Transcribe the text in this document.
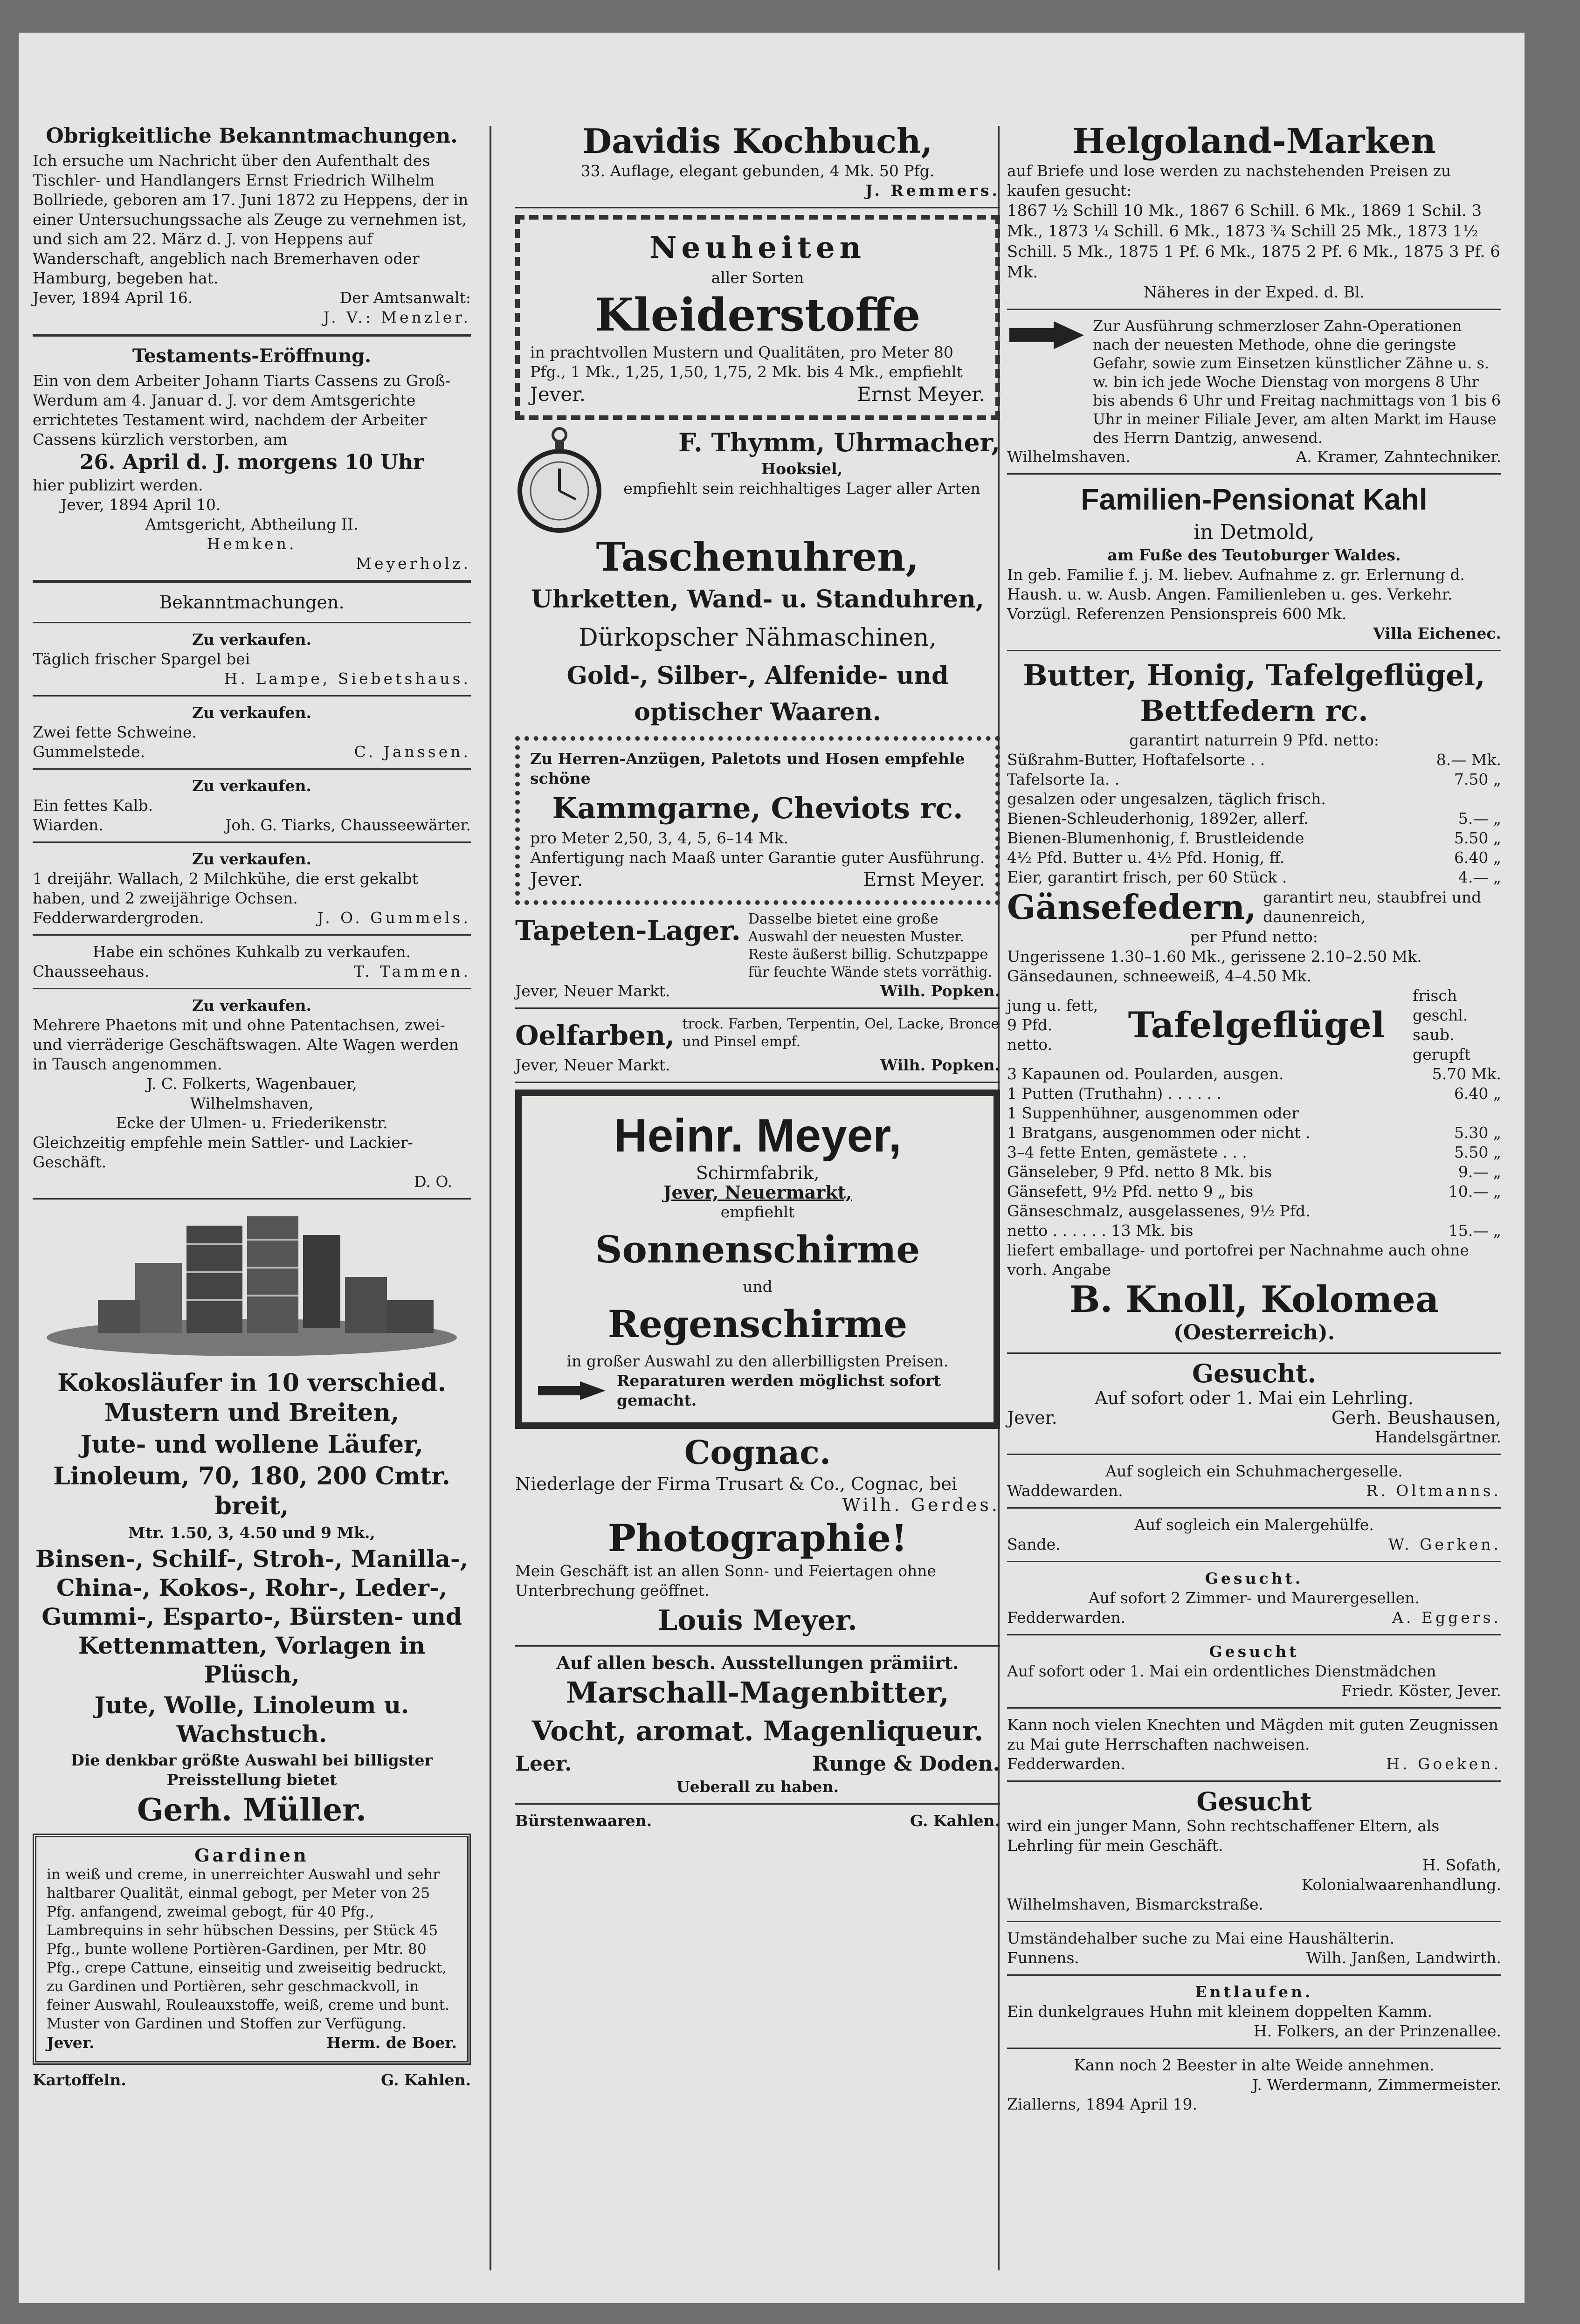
Obrigkeitliche Bekanntmachungen.

Ich ersuche um Nachricht über den Aufenthalt des Tischler- und Handlangers Ernst Friedrich Wilhelm Bollriede, geboren am 17. Juni 1872 zu Heppens, der in einer Untersuchungssache als Zeuge zu vernehmen ist, und sich am 22. März d. J. von Heppens auf Wanderschaft, angeblich nach Bremerhaven oder Hamburg, begeben hat.

Jever, 1894 April 16.	Der Amtsanwalt:
J. V.: Menzler.
Testaments-Eröffnung.

Ein von dem Arbeiter Johann Tiarts Cassens zu Groß-Werdum am 4. Januar d. J. vor dem Amtsgerichte errichtetes Testament wird, nachdem der Arbeiter Cassens kürzlich verstorben, am

26. April d. J. morgens 10 Uhr

hier publizirt werden.

Jever, 1894 April 10.

Amtsgericht, Abtheilung II.

Hemken.

Meyerholz.
Bekanntmachungen.

Zu verkaufen.

Täglich frischer Spargel bei

H. Lampe, Siebetshaus.

Zu verkaufen.

Zwei fette Schweine.

Gummelstede.	C. Janssen.

Zu verkaufen.

Ein fettes Kalb.

Wiarden.	Joh. G. Tiarks, Chausseewärter.

Zu verkaufen.

1 dreijähr. Wallach, 2 Milchkühe, die erst gekalbt haben, und 2 zweijährige Ochsen.

Fedderwardergroden.	J. O. Gummels.

Habe ein schönes Kuhkalb zu verkaufen.

Chausseehaus.	T. Tammen.

Zu verkaufen.

Mehrere Phaetons mit und ohne Patentachsen, zwei- und vierräderige Geschäftswagen. Alte Wagen werden in Tausch angenommen.

J. C. Folkerts, Wagenbauer,

Wilhelmshaven,

Ecke der Ulmen- u. Friederikenstr.

Gleichzeitig empfehle mein Sattler- und Lackier-Geschäft.

D. O.
Kokosläufer in 10 verschied. Mustern und Breiten,
Jute- und wollene Läufer,
Linoleum, 70, 180, 200 Cmtr. breit,

Mtr. 1.50, 3, 4.50 und 9 Mk.,

Binsen-, Schilf-, Stroh-, Manilla-, China-, Kokos-, Rohr-, Leder-, Gummi-, Esparto-, Bürsten- und Kettenmatten, Vorlagen in Plüsch,
Jute, Wolle, Linoleum u. Wachstuch.

Die denkbar größte Auswahl bei billigster Preisstellung bietet

Gerh. Müller.

Gardinen

in weiß und creme, in unerreichter Auswahl und sehr haltbarer Qualität, einmal gebogt, per Meter von 25 Pfg. anfangend, zweimal gebogt, für 40 Pfg., Lambrequins in sehr hübschen Dessins, per Stück 45 Pfg., bunte wollene Portièren-Gardinen, per Mtr. 80 Pfg., crepe Cattune, einseitig und zweiseitig bedruckt, zu Gardinen und Portièren, sehr geschmackvoll, in feiner Auswahl, Rouleauxstoffe, weiß, creme und bunt. Muster von Gardinen und Stoffen zur Verfügung.

Jever.	Herm. de Boer.
Kartoffeln.	G. Kahlen.
Davidis Kochbuch,

33. Auflage, elegant gebunden, 4 Mk. 50 Pfg.

J. Remmers.
Neuheiten

aller Sorten

Kleiderstoffe

in prachtvollen Mustern und Qualitäten, pro Meter 80 Pfg., 1 Mk., 1,25, 1,50, 1,75, 2 Mk. bis 4 Mk., empfiehlt

Jever.	Ernst Meyer.
F. Thymm, Uhrmacher,

Hooksiel,

empfiehlt sein reichhaltiges Lager aller Arten

Taschenuhren,
Uhrketten, Wand- u. Standuhren,
Dürkopscher Nähmaschinen,
Gold-, Silber-, Alfenide- und optischer Waaren.

Zu Herren-Anzügen, Paletots und Hosen empfehle schöne

Kammgarne, Cheviots rc.

pro Meter 2,50, 3, 4, 5, 6–14 Mk.

Anfertigung nach Maaß unter Garantie guter Ausführung.

Jever.	Ernst Meyer.
Tapeten-Lager. Dasselbe bietet eine große Auswahl der neuesten Muster. Reste äußerst billig. Schutzpappe für feuchte Wände stets vorräthig.

Jever, Neuer Markt.	Wilh. Popken.
Oelfarben, trock. Farben, Terpentin, Oel, Lacke, Bronce und Pinsel empf.

Jever, Neuer Markt.	Wilh. Popken.
Heinr. Meyer,

Schirmfabrik,

Jever, Neuermarkt,

empfiehlt

Sonnenschirme

und

Regenschirme

in großer Auswahl zu den allerbilligsten Preisen.

Reparaturen werden möglichst sofort gemacht.

Cognac.

Niederlage der Firma Trusart & Co., Cognac, bei

Wilh. Gerdes.
Photographie!

Mein Geschäft ist an allen Sonn- und Feiertagen ohne Unterbrechung geöffnet.

Louis Meyer.

Auf allen besch. Ausstellungen prämiirt.

Marschall-Magenbitter,
Vocht, aromat. Magenliqueur.
Leer.	Runge & Doden.

Ueberall zu haben.

Bürstenwaaren.	G. Kahlen.
Helgoland-Marken

auf Briefe und lose werden zu nachstehenden Preisen zu kaufen gesucht:

1867 ½ Schill 10 Mk., 1867 6 Schill. 6 Mk., 1869 1 Schil. 3 Mk., 1873 ¼ Schill. 6 Mk., 1873 ¾ Schill 25 Mk., 1873 1½ Schill. 5 Mk., 1875 1 Pf. 6 Mk., 1875 2 Pf. 6 Mk., 1875 3 Pf. 6 Mk.

Näheres in der Exped. d. Bl.

Zur Ausführung schmerzloser Zahn-Operationen nach der neuesten Methode, ohne die geringste Gefahr, sowie zum Einsetzen künstlicher Zähne u. s. w. bin ich jede Woche Dienstag von morgens 8 Uhr bis abends 6 Uhr und Freitag nachmittags von 1 bis 6 Uhr in meiner Filiale Jever, am alten Markt im Hause des Herrn Dantzig, anwesend.

Wilhelmshaven.	A. Kramer, Zahntechniker.
Familien-Pensionat Kahl

in Detmold,

am Fuße des Teutoburger Waldes.

In geb. Familie f. j. M. liebev. Aufnahme z. gr. Erlernung d. Haush. u. w. Ausb. Angen. Familienleben u. ges. Verkehr. Vorzügl. Referenzen Pensionspreis 600 Mk.

Villa Eichenec.
Butter, Honig, Tafelgeflügel, Bettfedern rc.

garantirt naturrein 9 Pfd. netto:

Süßrahm-Butter, Hoftafelsorte . .	8.— Mk.
Tafelsorte Ia. .	7.50 „
gesalzen oder ungesalzen, täglich frisch.
Bienen-Schleuderhonig, 1892er, allerf.	5.— „
Bienen-Blumenhonig, f. Brustleidende	5.50 „
4½ Pfd. Butter u. 4½ Pfd. Honig, ff.	6.40 „
Eier, garantirt frisch, per 60 Stück .	4.— „
Gänsefedern, garantirt neu, staubfrei und daunenreich,

per Pfund netto:

Ungerissene 1.30–1.60 Mk., gerissene 2.10–2.50 Mk.

Gänsedaunen, schneeweiß, 4–4.50 Mk.

jung u. fett, 9 Pfd. netto.	Tafelgeflügel

frisch geschl. saub. gerupft

3 Kapaunen od. Poularden, ausgen.	5.70 Mk.
1 Putten (Truthahn) . . . . . .	6.40 „
1 Suppenhühner, ausgenommen oder
1 Bratgans, ausgenommen oder nicht .	5.30 „
3–4 fette Enten, gemästete . . .	5.50 „
Gänseleber, 9 Pfd. netto 8 Mk. bis	9.— „
Gänsefett, 9½ Pfd. netto 9 „ bis	10.— „
Gänseschmalz, ausgelassenes, 9½ Pfd.
netto . . . . . . 13 Mk. bis	15.— „

liefert emballage- und portofrei per Nachnahme auch ohne vorh. Angabe

B. Knoll, Kolomea

(Oesterreich).

Gesucht.

Auf sofort oder 1. Mai ein Lehrling.

Jever.	Gerh. Beushausen,
Handelsgärtner.

Auf sogleich ein Schuhmachergeselle.

Waddewarden.	R. Oltmanns.

Auf sogleich ein Malergehülfe.

Sande.	W. Gerken.

Gesucht.

Auf sofort 2 Zimmer- und Maurergesellen.

Fedderwarden.	A. Eggers.

Gesucht

Auf sofort oder 1. Mai ein ordentliches Dienstmädchen

Friedr. Köster, Jever.

Kann noch vielen Knechten und Mägden mit guten Zeugnissen zu Mai gute Herrschaften nachweisen.

Fedderwarden.	H. Goeken.
Gesucht

wird ein junger Mann, Sohn rechtschaffener Eltern, als Lehrling für mein Geschäft.

H. Sofath,

Kolonialwaarenhandlung.

Wilhelmshaven, Bismarckstraße.

Umständehalber suche zu Mai eine Haushälterin.

Funnens.	Wilh. Janßen, Landwirth.

Entlaufen.

Ein dunkelgraues Huhn mit kleinem doppelten Kamm.

H. Folkers, an der Prinzenallee.

Kann noch 2 Beester in alte Weide annehmen.

J. Werdermann, Zimmermeister.

Ziallerns, 1894 April 19.
